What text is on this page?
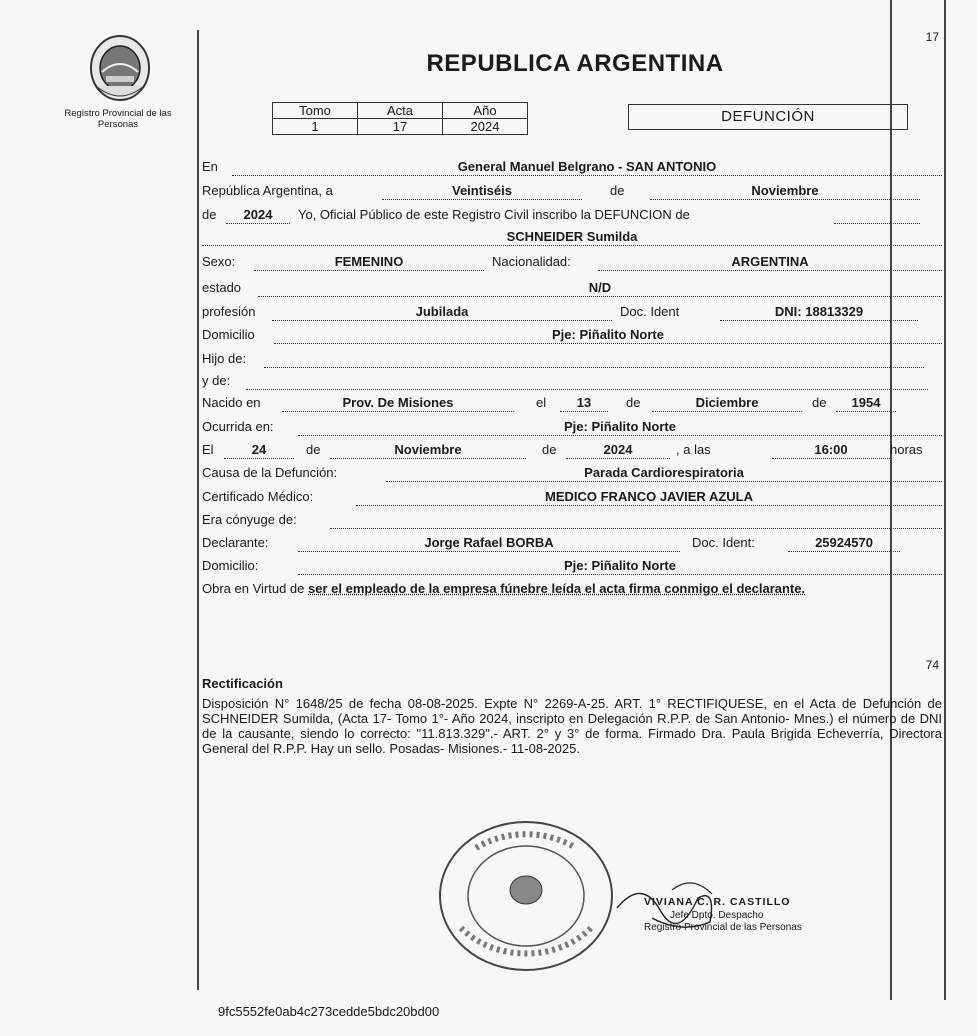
Registro Provincial de las Personas
17
REPUBLICA ARGENTINA
Tomo	Acta	Año
1	17	2024
DEFUNCIÓN
En	General Manuel Belgrano - SAN ANTONIO
República Argentina, a	Veintiséis	de	Noviembre
de	2024	Yo, Oficial Público de este Registro Civil inscribo la DEFUNCION de
SCHNEIDER Sumilda
Sexo:	FEMENINO	Nacionalidad:	ARGENTINA
estado	N/D
profesión	Jubilada	Doc. Ident	DNI: 18813329
Domicilio	Pje: Piñalito Norte
Hijo de:
y de:
Nacido en	Prov. De Misiones	el	13	de	Diciembre	de	1954
Ocurrida en:	Pje: Piñalito Norte
El	24	de	Noviembre	de	2024	, a las	16:00	horas
Causa de la Defunción:	Parada Cardiorespiratoria
Certificado Médico:	MEDICO FRANCO JAVIER AZULA
Era cónyuge de:
Declarante:	Jorge Rafael BORBA	Doc. Ident:	25924570
Domicilio:	Pje: Piñalito Norte
Obra en Virtud de ser el empleado de la empresa fúnebre leída el acta firma conmigo el declarante.
74
Rectificación
Disposición N° 1648/25 de fecha 08-08-2025. Expte N° 2269-A-25. ART. 1° RECTIFIQUESE, en el Acta de Defunción de SCHNEIDER Sumilda, (Acta 17- Tomo 1°- Año 2024, inscripto en Delegación R.P.P. de San Antonio- Mnes.) el número de DNI de la causante, siendo lo correcto: "11.813.329".- ART. 2° y 3° de forma. Firmado Dra. Paula Brigida Echeverría, Directora General del R.P.P. Hay un sello. Posadas- Misiones.- 11-08-2025.
VIVIANA C. R. CASTILLO
Jefe Dpto. Despacho
Registro Provincial de las Personas
9fc5552fe0ab4c273cedde5bdc20bd00
